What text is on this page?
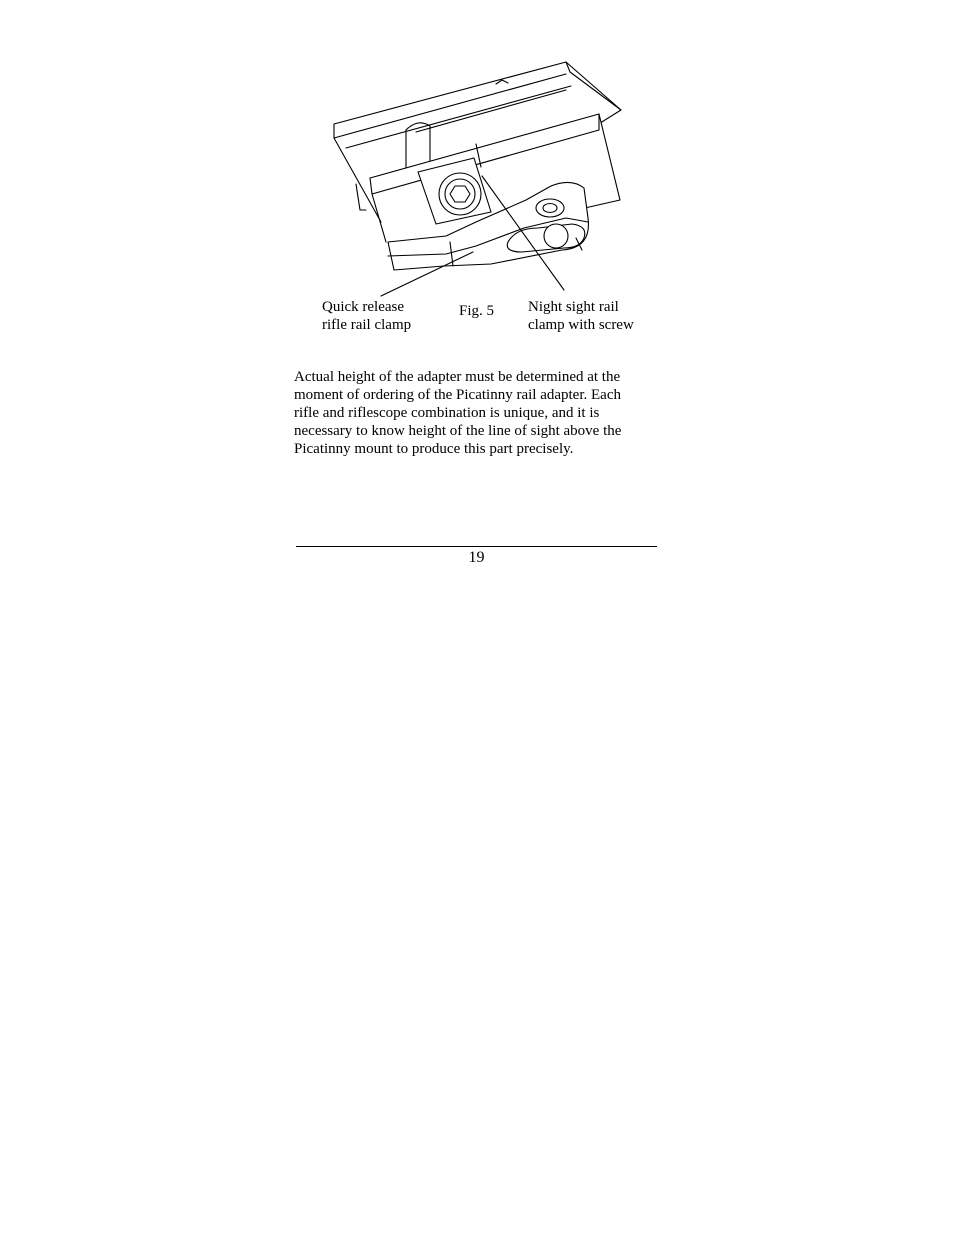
Quick release
rifle rail clamp
Fig. 5 Night sight rail
clamp with screw
Actual height of the adapter must be determined at the
moment of ordering of the Picatinny rail adapter. Each
rifle and riflescope combination is unique, and it is
necessary to know height of the line of sight above the
Picatinny mount to produce this part precisely.
19
